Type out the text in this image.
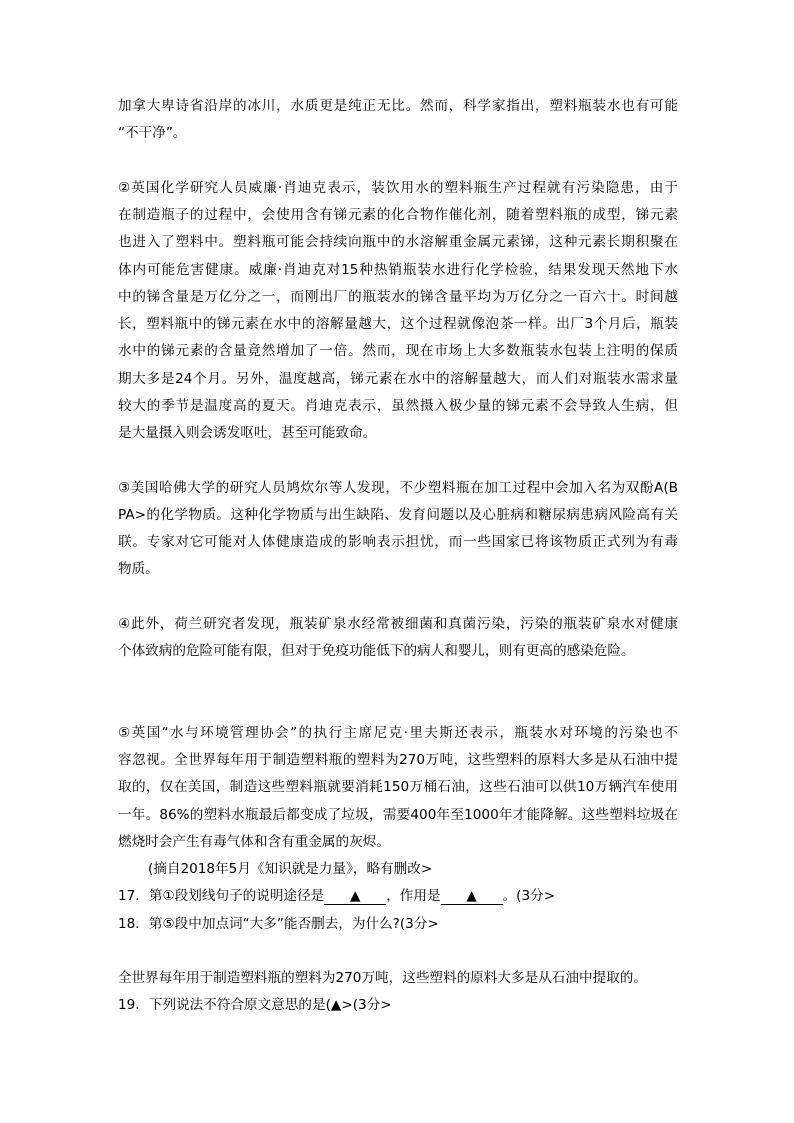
加拿大卑诗省沿岸的冰川，水质更是纯正无比。然而，科学家指出，塑料瓶装水也有可能
“不干净”。
②英国化学研究人员威廉·肖迪克表示，装饮用水的塑料瓶生产过程就有污染隐患，由于
在制造瓶子的过程中，会使用含有锑元素的化合物作催化剂，随着塑料瓶的成型，锑元素
也进入了塑料中。塑料瓶可能会持续向瓶中的水溶解重金属元素锑，这种元素长期积聚在
体内可能危害健康。威廉·肖迪克对15种热销瓶装水进行化学检验，结果发现天然地下水
中的锑含量是万亿分之一，而刚出厂的瓶装水的锑含量平均为万亿分之一百六十。时间越
长，塑料瓶中的锑元素在水中的溶解量越大，这个过程就像泡茶一样。出厂3个月后，瓶装
水中的锑元素的含量竟然增加了一倍。然而，现在市场上大多数瓶装水包装上注明的保质
期大多是24个月。另外，温度越高，锑元素在水中的溶解量越大，而人们对瓶装水需求量
较大的季节是温度高的夏天。肖迪克表示，虽然摄入极少量的锑元素不会导致人生病，但
是大量摄入则会诱发呕吐，甚至可能致命。
③美国哈佛大学的研究人员鸠炊尔等人发现，不少塑料瓶在加工过程中会加入名为双酚A(B
PA>的化学物质。这种化学物质与出生缺陷、发育问题以及心脏病和糖尿病患病风险高有关
联。专家对它可能对人体健康造成的影响表示担忧，而一些国家已将该物质正式列为有毒
物质。
④此外，荷兰研究者发现，瓶装矿泉水经常被细菌和真菌污染，污染的瓶装矿泉水对健康
个体致病的危险可能有限，但对于免疫功能低下的病人和婴儿，则有更高的感染危险。
⑤英国“水与环境管理协会”的执行主席尼克·里夫斯还表示，瓶装水对环境的污染也不
容忽视。全世界每年用于制造塑料瓶的塑料为270万吨，这些塑料的原料大多是从石油中提
取的，仅在美国，制造这些塑料瓶就要消耗150万桶石油，这些石油可以供10万辆汽车使用
一年。86%的塑料水瓶最后都变成了垃圾，需要400年至1000年才能降解。这些塑料垃圾在
燃烧时会产生有毒气体和含有重金属的灰烬。
(摘自2018年5月《知识就是力量》，略有删改>
17．第①段划线句子的说明途径是 ▲ ，作用是 ▲ 。(3分>
18．第⑤段中加点词“大多”能否删去，为什么?(3分>
全世界每年用于制造塑料瓶的塑料为270万吨，这些塑料的原料大多是从石油中提取的。
19．下列说法不符合原文意思的是(▲>(3分>
